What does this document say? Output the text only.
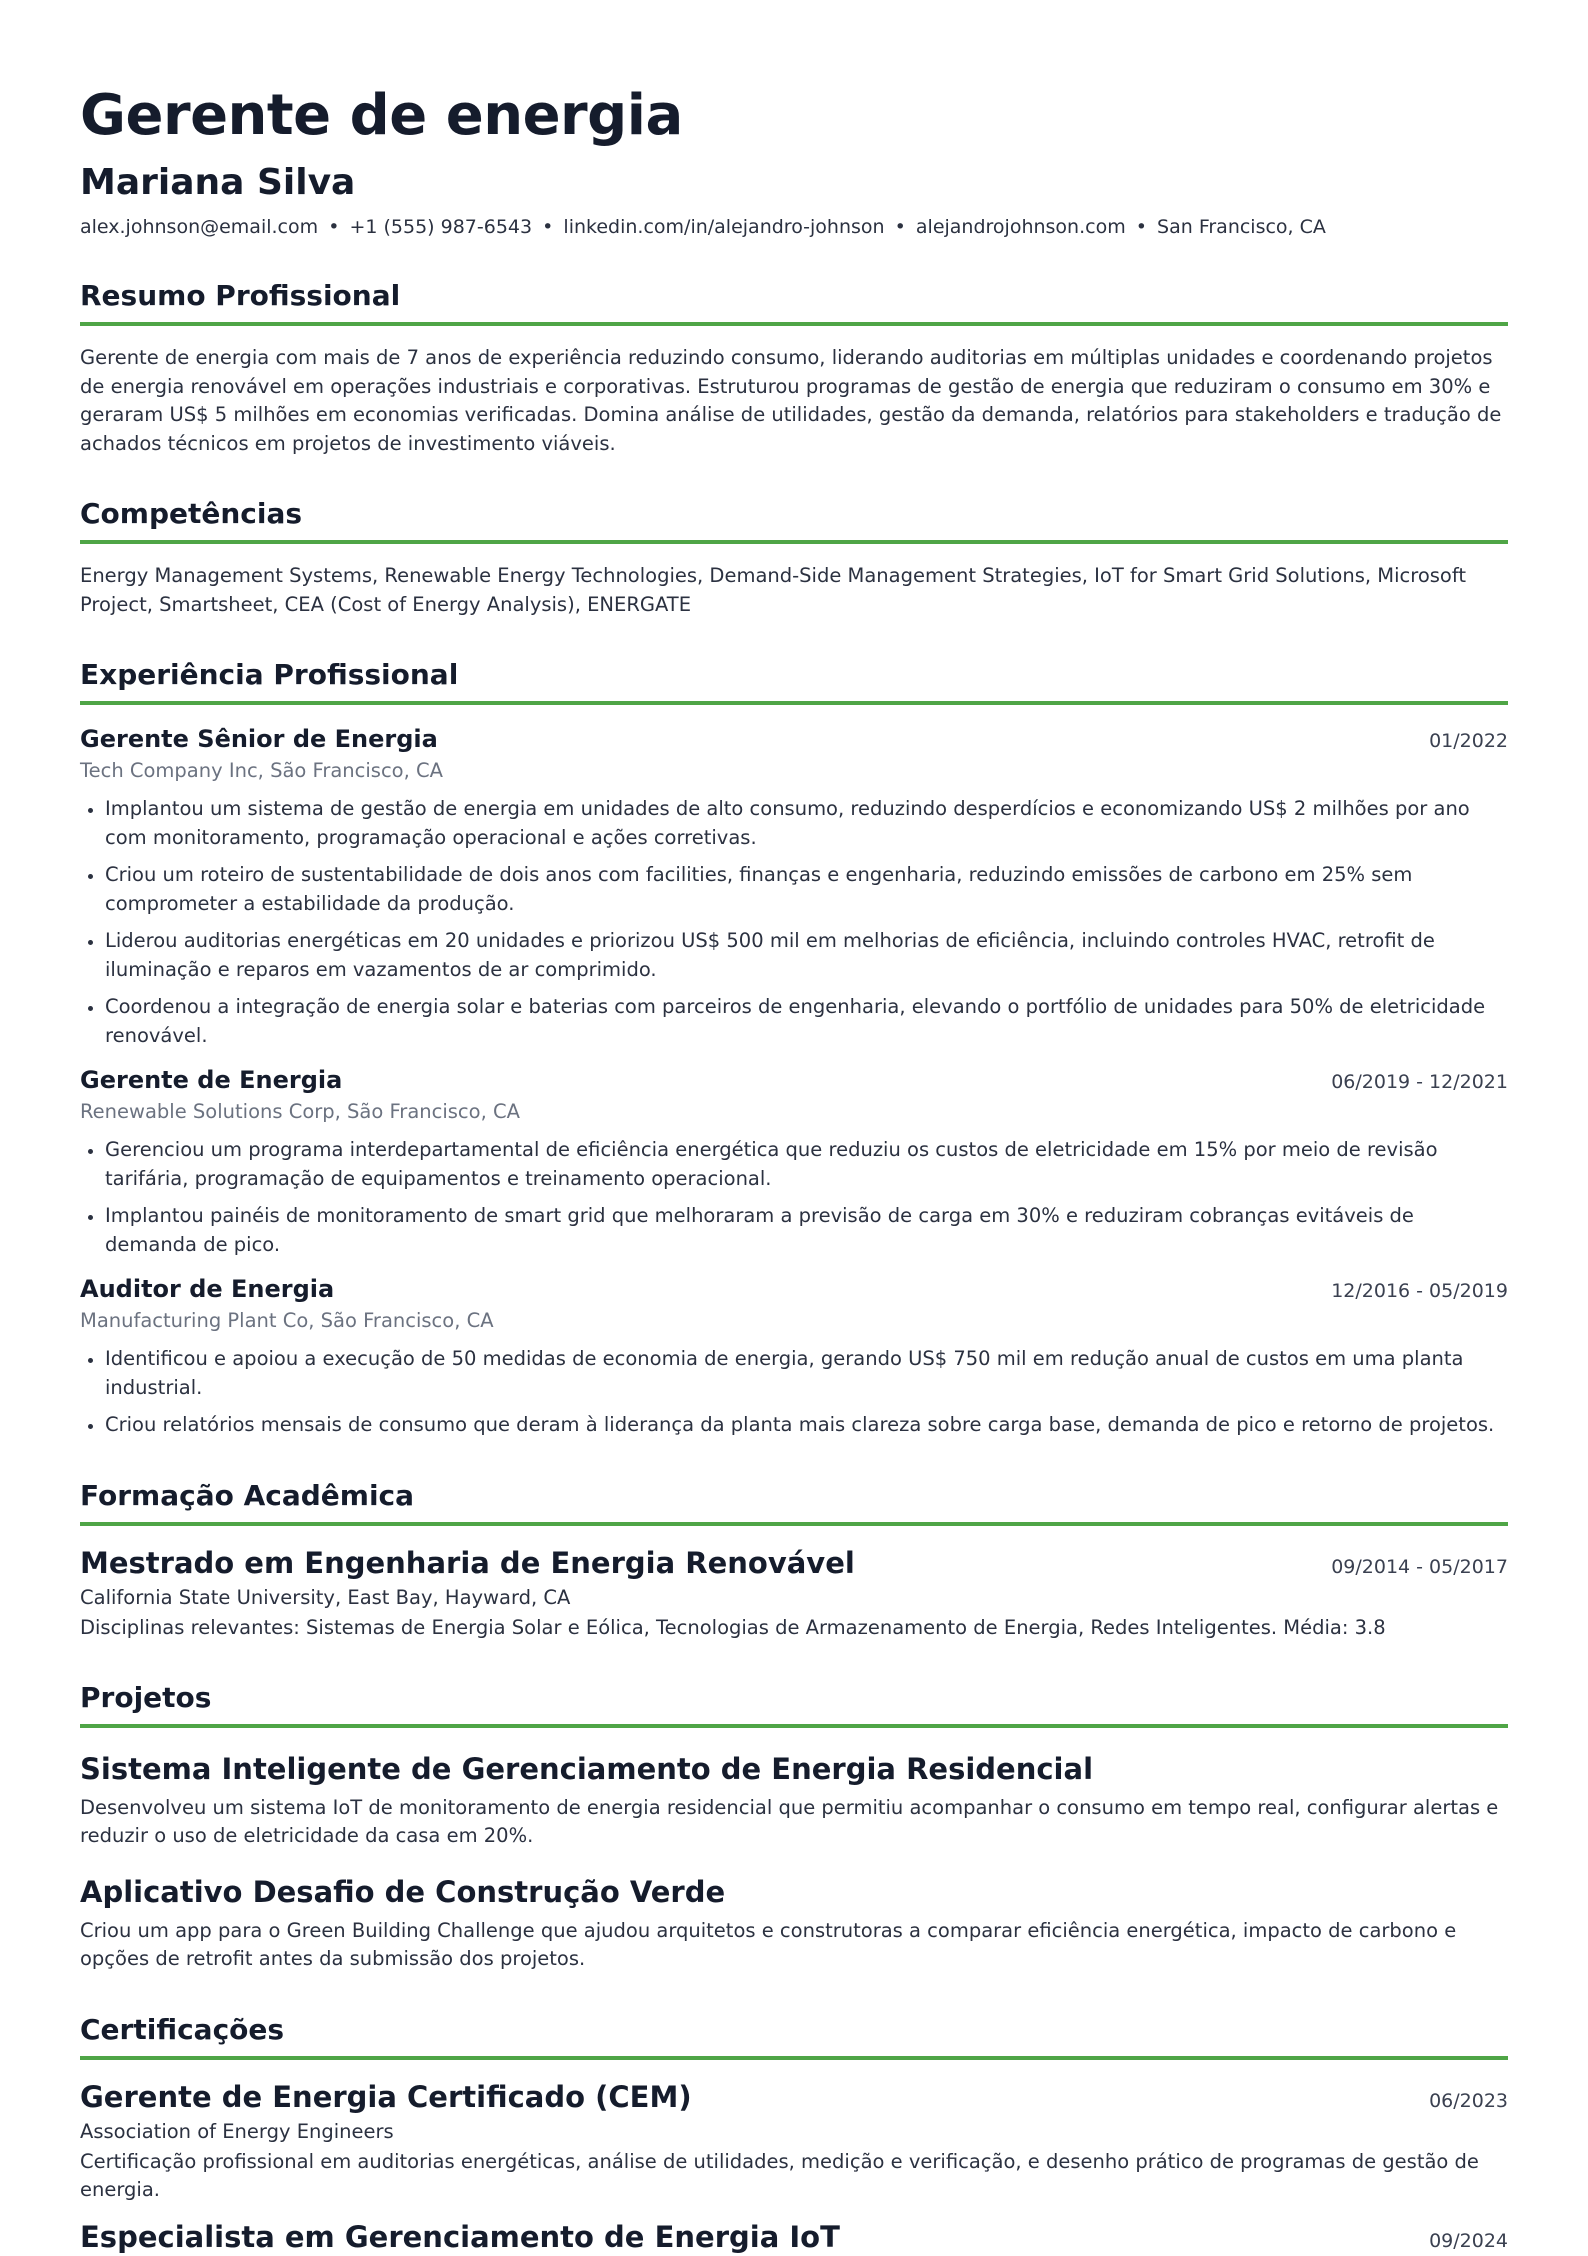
Gerente de energia
Mariana Silva
alex.johnson@email.com • +1 (555) 987-6543 • linkedin.com/in/alejandro-johnson • alejandrojohnson.com • San Francisco, CA
Resumo Profissional

Gerente de energia com mais de 7 anos de experiência reduzindo consumo, liderando auditorias em múltiplas unidades e coordenando projetos de energia renovável em operações industriais e corporativas. Estruturou programas de gestão de energia que reduziram o consumo em 30% e geraram US$ 5 milhões em economias verificadas. Domina análise de utilidades, gestão da demanda, relatórios para stakeholders e tradução de achados técnicos em projetos de investimento viáveis.

Competências

Energy Management Systems, Renewable Energy Technologies, Demand-Side Management Strategies, IoT for Smart Grid Solutions, Microsoft Project, Smartsheet, CEA (Cost of Energy Analysis), ENERGATE

Experiência Profissional
Gerente Sênior de Energia	01/2022
Tech Company Inc, São Francisco, CA
Implantou um sistema de gestão de energia em unidades de alto consumo, reduzindo desperdícios e economizando US$ 2 milhões por ano com monitoramento, programação operacional e ações corretivas.
Criou um roteiro de sustentabilidade de dois anos com facilities, finanças e engenharia, reduzindo emissões de carbono em 25% sem comprometer a estabilidade da produção.
Liderou auditorias energéticas em 20 unidades e priorizou US$ 500 mil em melhorias de eficiência, incluindo controles HVAC, retrofit de iluminação e reparos em vazamentos de ar comprimido.
Coordenou a integração de energia solar e baterias com parceiros de engenharia, elevando o portfólio de unidades para 50% de eletricidade renovável.
Gerente de Energia	06/2019 - 12/2021
Renewable Solutions Corp, São Francisco, CA
Gerenciou um programa interdepartamental de eficiência energética que reduziu os custos de eletricidade em 15% por meio de revisão tarifária, programação de equipamentos e treinamento operacional.
Implantou painéis de monitoramento de smart grid que melhoraram a previsão de carga em 30% e reduziram cobranças evitáveis de demanda de pico.
Auditor de Energia	12/2016 - 05/2019
Manufacturing Plant Co, São Francisco, CA
Identificou e apoiou a execução de 50 medidas de economia de energia, gerando US$ 750 mil em redução anual de custos em uma planta industrial.
Criou relatórios mensais de consumo que deram à liderança da planta mais clareza sobre carga base, demanda de pico e retorno de projetos.
Formação Acadêmica
Mestrado em Engenharia de Energia Renovável	09/2014 - 05/2017
California State University, East Bay, Hayward, CA
Disciplinas relevantes: Sistemas de Energia Solar e Eólica, Tecnologias de Armazenamento de Energia, Redes Inteligentes. Média: 3.8
Projetos
Sistema Inteligente de Gerenciamento de Energia Residencial

Desenvolveu um sistema IoT de monitoramento de energia residencial que permitiu acompanhar o consumo em tempo real, configurar alertas e reduzir o uso de eletricidade da casa em 20%.

Aplicativo Desafio de Construção Verde

Criou um app para o Green Building Challenge que ajudou arquitetos e construtoras a comparar eficiência energética, impacto de carbono e opções de retrofit antes da submissão dos projetos.

Certificações
Gerente de Energia Certificado (CEM)	06/2023
Association of Energy Engineers
Certificação profissional em auditorias energéticas, análise de utilidades, medição e verificação, e desenho prático de programas de gestão de energia.
Especialista em Gerenciamento de Energia IoT	09/2024
